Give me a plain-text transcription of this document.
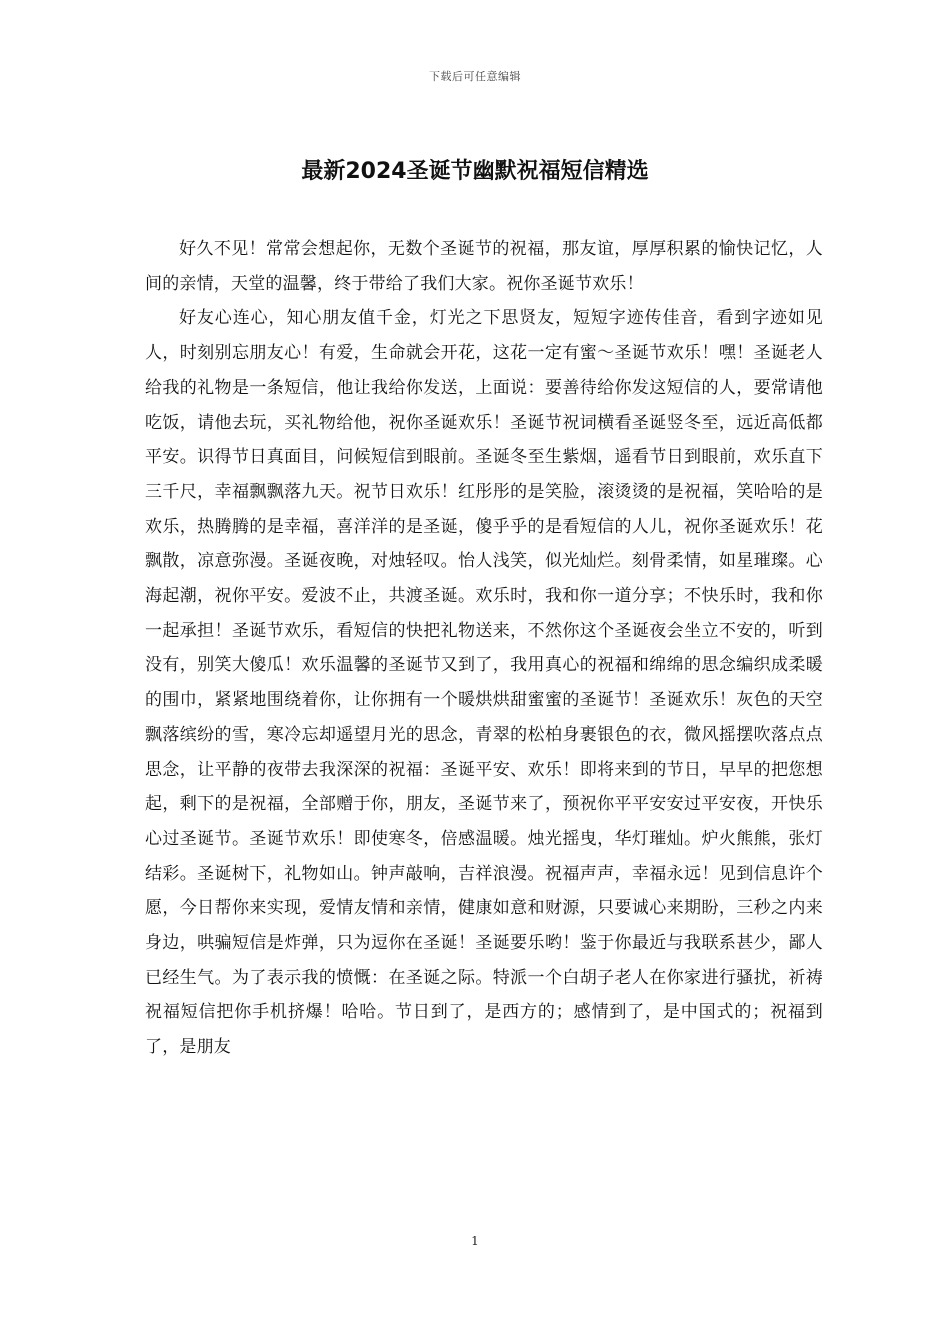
下载后可任意编辑
最新2024圣诞节幽默祝福短信精选

好久不见！常常会想起你，无数个圣诞节的祝福，那友谊，厚厚积累的愉快记忆，人间的亲情，天堂的温馨，终于带给了我们大家。祝你圣诞节欢乐！

好友心连心，知心朋友值千金，灯光之下思贤友，短短字迹传佳音，看到字迹如见人，时刻别忘朋友心！有爱，生命就会开花，这花一定有蜜～圣诞节欢乐！嘿！圣诞老人给我的礼物是一条短信，他让我给你发送，上面说：要善待给你发这短信的人，要常请他吃饭，请他去玩，买礼物给他，祝你圣诞欢乐！圣诞节祝词横看圣诞竖冬至，远近高低都平安。识得节日真面目，问候短信到眼前。圣诞冬至生紫烟，遥看节日到眼前，欢乐直下三千尺，幸福飘飘落九天。祝节日欢乐！红彤彤的是笑脸，滚烫烫的是祝福，笑哈哈的是欢乐，热腾腾的是幸福，喜洋洋的是圣诞，傻乎乎的是看短信的人儿，祝你圣诞欢乐！花飘散，凉意弥漫。圣诞夜晚，对烛轻叹。怡人浅笑，似光灿烂。刻骨柔情，如星璀璨。心海起潮，祝你平安。爱波不止，共渡圣诞。欢乐时，我和你一道分享；不快乐时，我和你一起承担！圣诞节欢乐，看短信的快把礼物送来，不然你这个圣诞夜会坐立不安的，听到没有，别笑大傻瓜！欢乐温馨的圣诞节又到了，我用真心的祝福和绵绵的思念编织成柔暖的围巾，紧紧地围绕着你，让你拥有一个暖烘烘甜蜜蜜的圣诞节！圣诞欢乐！灰色的天空飘落缤纷的雪，寒冷忘却遥望月光的思念，青翠的松柏身裹银色的衣，微风摇摆吹落点点思念，让平静的夜带去我深深的祝福：圣诞平安、欢乐！即将来到的节日，早早的把您想起，剩下的是祝福，全部赠于你，朋友，圣诞节来了，预祝你平平安安过平安夜，开快乐心过圣诞节。圣诞节欢乐！即使寒冬，倍感温暖。烛光摇曳，华灯璀灿。炉火熊熊，张灯结彩。圣诞树下，礼物如山。钟声敲响，吉祥浪漫。祝福声声，幸福永远！见到信息许个愿，今日帮你来实现，爱情友情和亲情，健康如意和财源，只要诚心来期盼，三秒之内来身边，哄骗短信是炸弹，只为逗你在圣诞！圣诞要乐哟！鉴于你最近与我联系甚少，鄙人已经生气。为了表示我的愤慨：在圣诞之际。特派一个白胡子老人在你家进行骚扰，祈祷祝福短信把你手机挤爆！哈哈。节日到了，是西方的；感情到了，是中国式的；祝福到了，是朋友

1
